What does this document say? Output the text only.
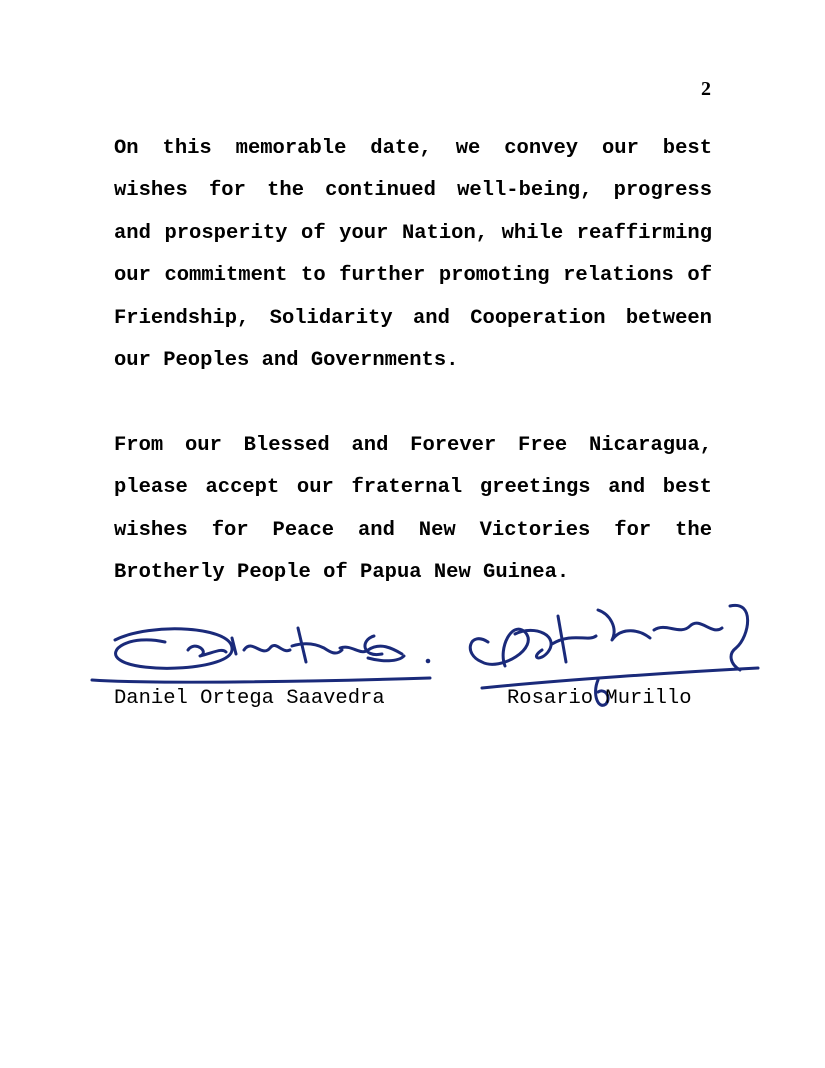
2

On this memorable date, we convey our best wishes for the continued well-being, progress and prosperity of your Nation, while reaffirming our commitment to further promoting relations of Friendship, Solidarity and Cooperation between our Peoples and Governments.

From our Blessed and Forever Free Nicaragua, please accept our fraternal greetings and best wishes for Peace and New Victories for the Brotherly People of Papua New Guinea.

Daniel Ortega Saavedra	Rosario Murillo
